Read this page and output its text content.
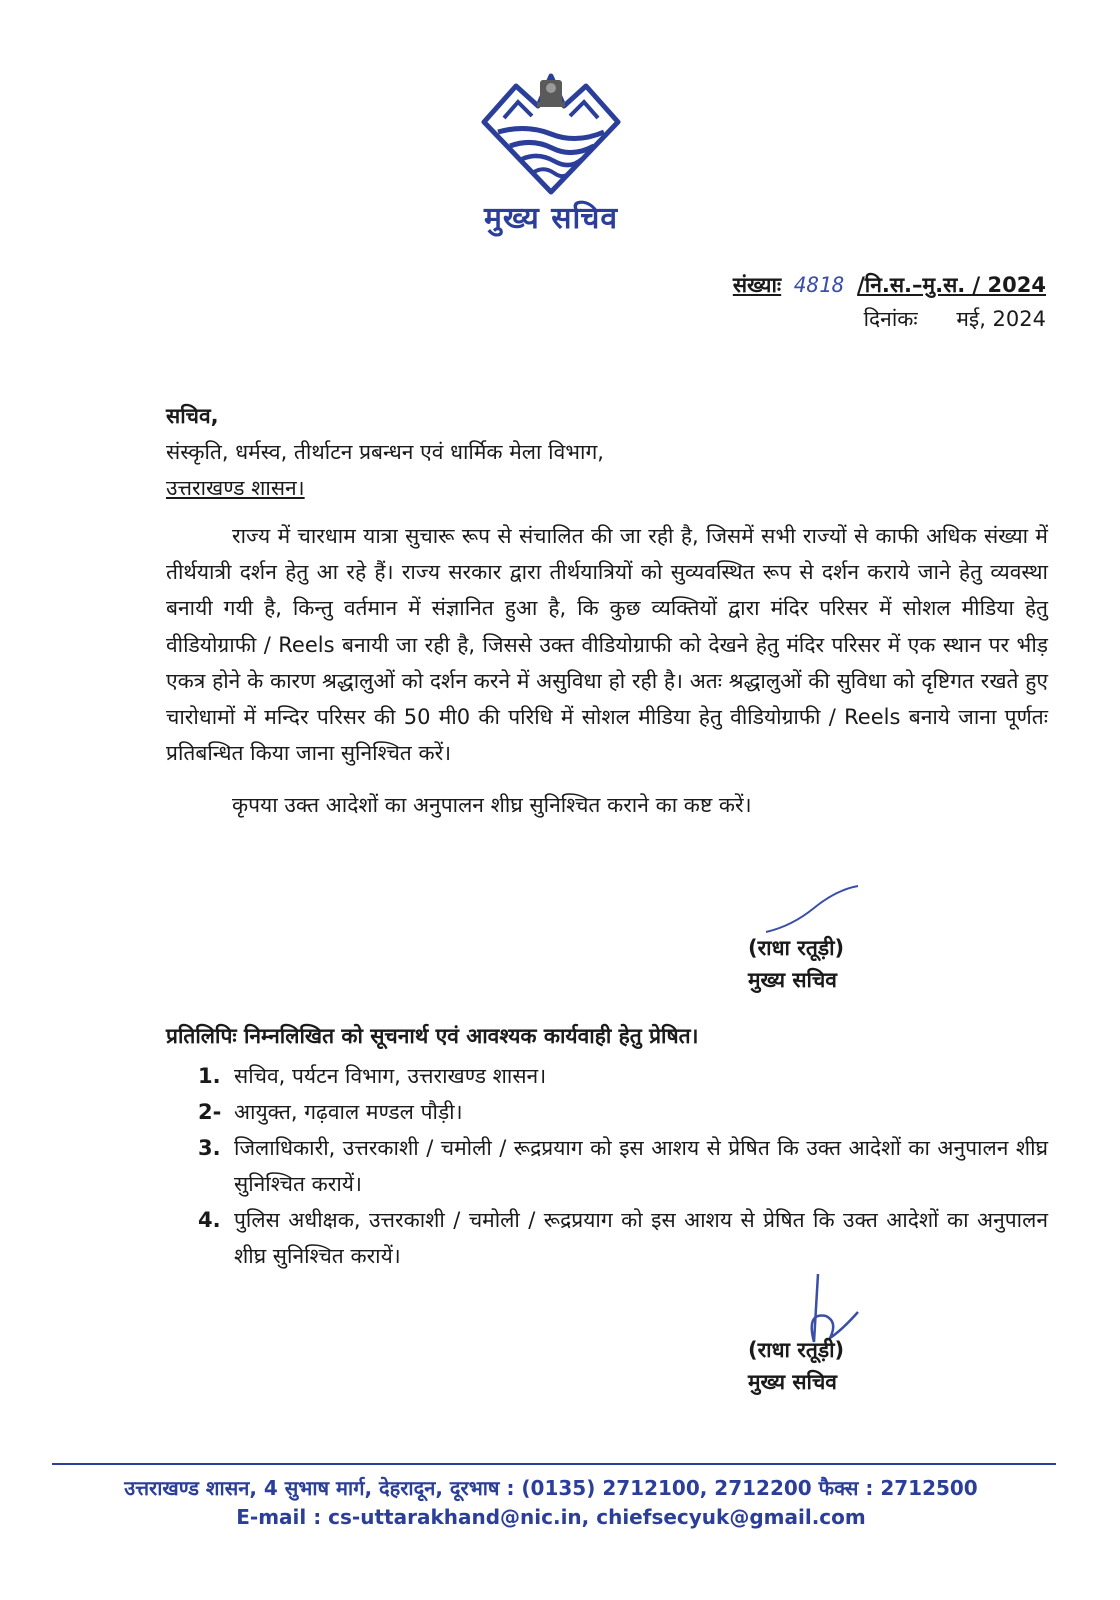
मुख्य सचिव
संख्याः 4818 /नि.स.–मु.स. / 2024
दिनांकः मई, 2024
सचिव,
संस्कृति, धर्मस्व, तीर्थाटन प्रबन्धन एवं धार्मिक मेला विभाग,
उत्तराखण्ड शासन।

राज्य में चारधाम यात्रा सुचारू रूप से संचालित की जा रही है, जिसमें सभी राज्यों से काफी अधिक संख्या में तीर्थयात्री दर्शन हेतु आ रहे हैं। राज्य सरकार द्वारा तीर्थयात्रियों को सुव्यवस्थित रूप से दर्शन कराये जाने हेतु व्यवस्था बनायी गयी है, किन्तु वर्तमान में संज्ञानित हुआ है, कि कुछ व्यक्तियों द्वारा मंदिर परिसर में सोशल मीडिया हेतु वीडियोग्राफी / Reels बनायी जा रही है, जिससे उक्त वीडियोग्राफी को देखने हेतु मंदिर परिसर में एक स्थान पर भीड़ एकत्र होने के कारण श्रद्धालुओं को दर्शन करने में असुविधा हो रही है। अतः श्रद्धालुओं की सुविधा को दृष्टिगत रखते हुए चारोधामों में मन्दिर परिसर की 50 मी0 की परिधि में सोशल मीडिया हेतु वीडियोग्राफी / Reels बनाये जाना पूर्णतः प्रतिबन्धित किया जाना सुनिश्चित करें।

कृपया उक्त आदेशों का अनुपालन शीघ्र सुनिश्चित कराने का कष्ट करें।

(राधा रतूड़ी)
मुख्य सचिव
प्रतिलिपिः निम्नलिखित को सूचनार्थ एवं आवश्यक कार्यवाही हेतु प्रेषित।
1. सचिव, पर्यटन विभाग, उत्तराखण्ड शासन।
2- आयुक्त, गढ़वाल मण्डल पौड़ी।
3. जिलाधिकारी, उत्तरकाशी / चमोली / रूद्रप्रयाग को इस आशय से प्रेषित कि उक्त आदेशों का अनुपालन शीघ्र सुनिश्चित करायें।
4. पुलिस अधीक्षक, उत्तरकाशी / चमोली / रूद्रप्रयाग को इस आशय से प्रेषित कि उक्त आदेशों का अनुपालन शीघ्र सुनिश्चित करायें।
(राधा रतूड़ी)
मुख्य सचिव
उत्तराखण्ड शासन, 4 सुभाष मार्ग, देहरादून, दूरभाष : (0135) 2712100, 2712200 फैक्स : 2712500
E-mail : cs-uttarakhand@nic.in, chiefsecyuk@gmail.com
